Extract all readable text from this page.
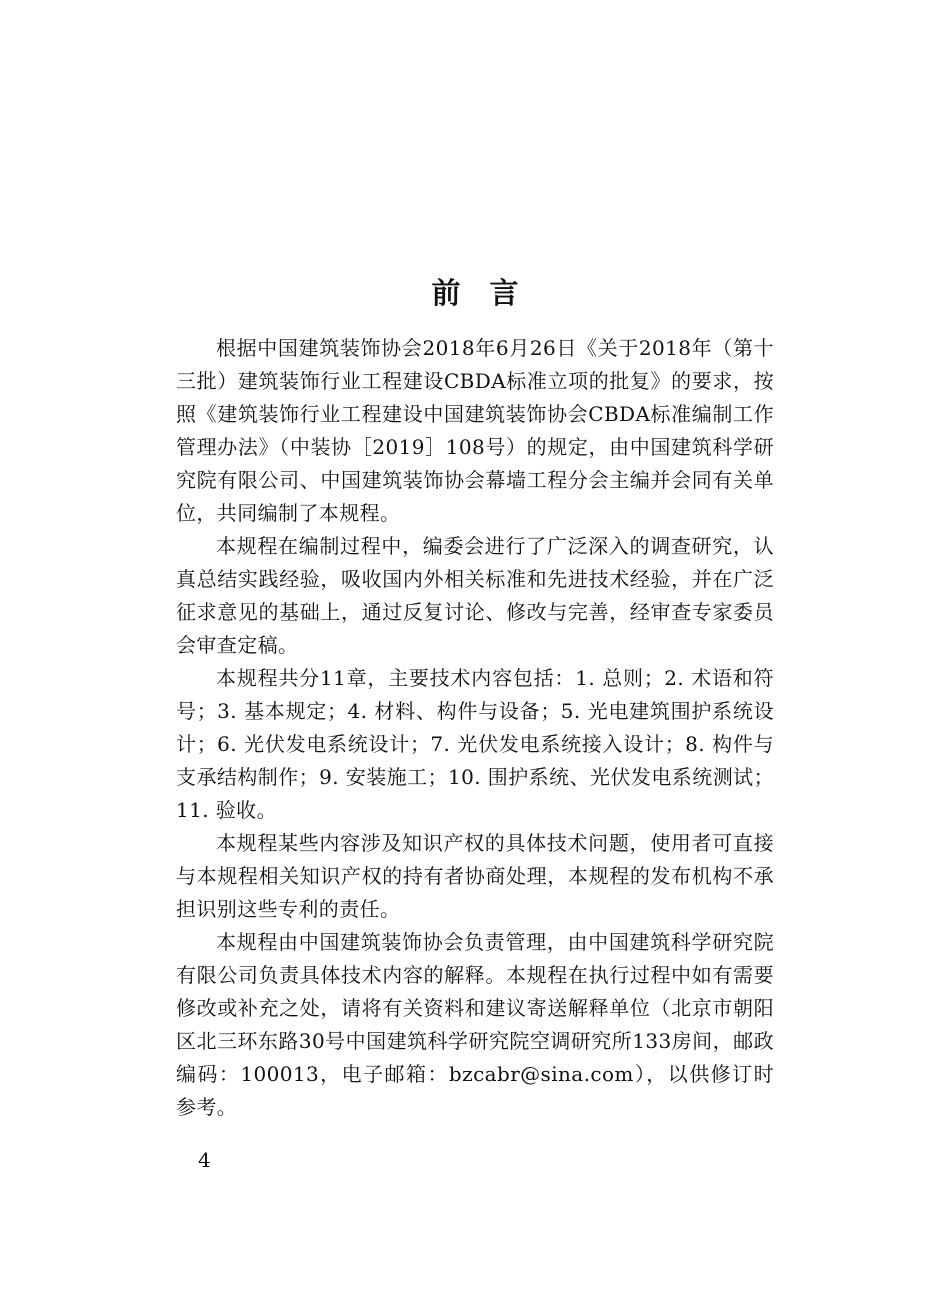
前　言

根据中国建筑装饰协会2018年6月26日《关于2018年（第十三批）建筑装饰行业工程建设CBDA标准立项的批复》的要求，按照《建筑装饰行业工程建设中国建筑装饰协会CBDA标准编制工作管理办法》（中装协［2019］108号）的规定，由中国建筑科学研究院有限公司、中国建筑装饰协会幕墙工程分会主编并会同有关单位，共同编制了本规程。

本规程在编制过程中，编委会进行了广泛深入的调查研究，认真总结实践经验，吸收国内外相关标准和先进技术经验，并在广泛征求意见的基础上，通过反复讨论、修改与完善，经审查专家委员会审查定稿。

本规程共分11章，主要技术内容包括：1. 总则；2. 术语和符号；3. 基本规定；4. 材料、构件与设备；5. 光电建筑围护系统设计；6. 光伏发电系统设计；7. 光伏发电系统接入设计；8. 构件与支承结构制作；9. 安装施工；10. 围护系统、光伏发电系统测试；11. 验收。

本规程某些内容涉及知识产权的具体技术问题，使用者可直接与本规程相关知识产权的持有者协商处理，本规程的发布机构不承担识别这些专利的责任。

本规程由中国建筑装饰协会负责管理，由中国建筑科学研究院有限公司负责具体技术内容的解释。本规程在执行过程中如有需要修改或补充之处，请将有关资料和建议寄送解释单位（北京市朝阳区北三环东路30号中国建筑科学研究院空调研究所133房间，邮政编码：100013，电子邮箱：bzcabr@sina.com），以供修订时参考。

4
